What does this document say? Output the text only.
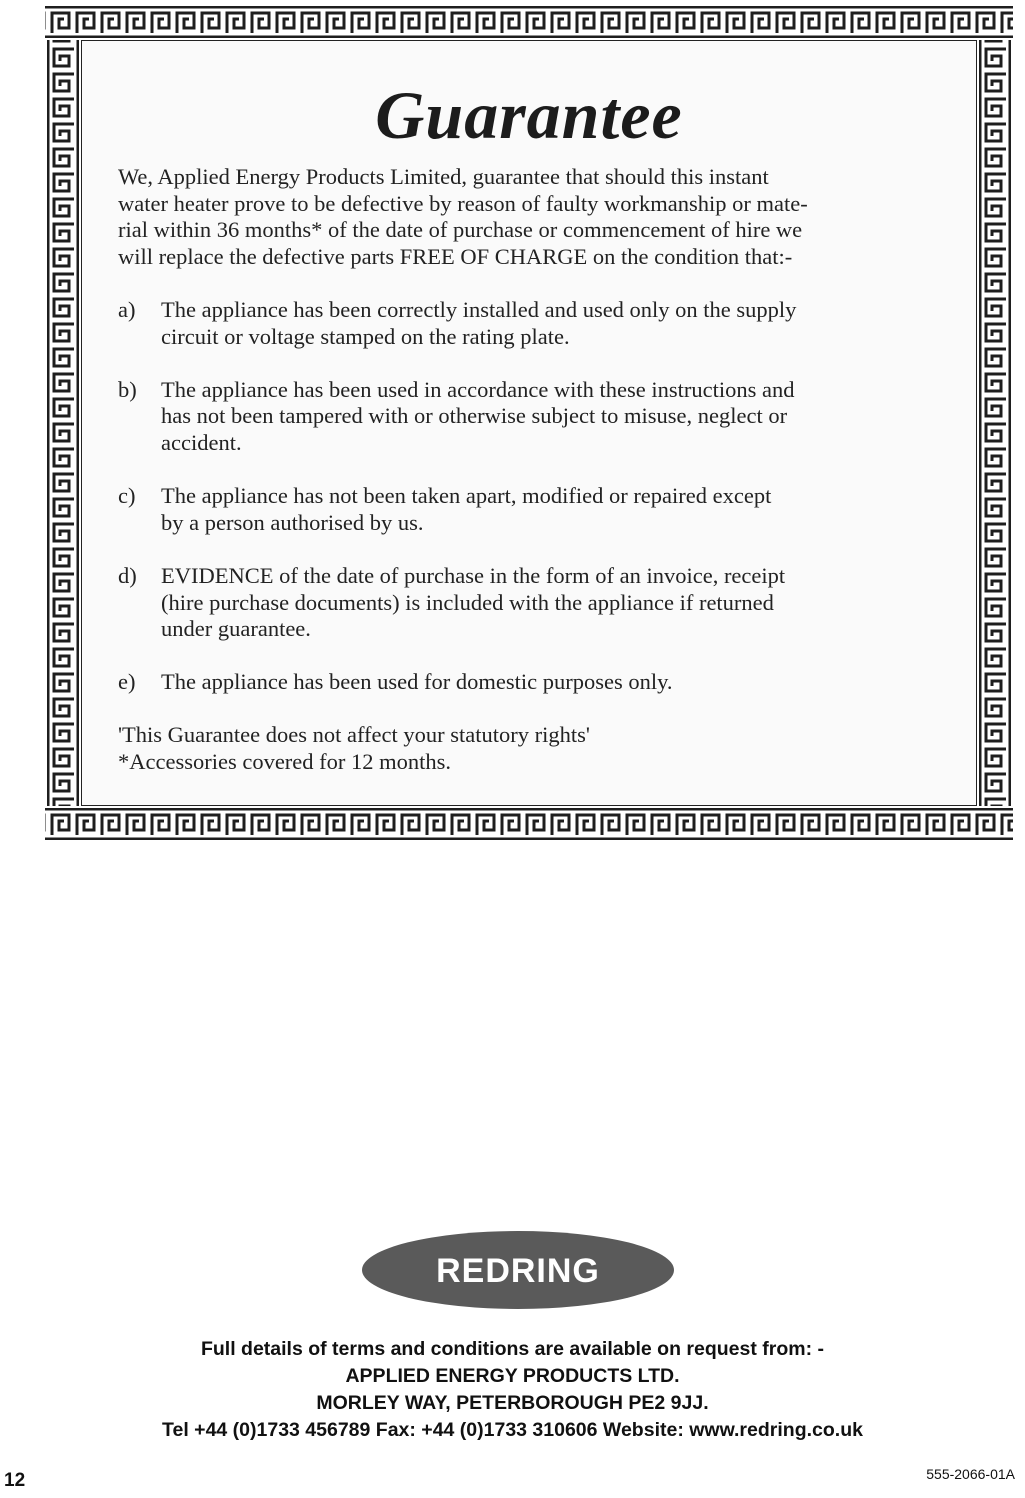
Guarantee

We, Applied Energy Products Limited, guarantee that should this instant
water heater prove to be defective by reason of faulty workmanship or mate-
rial within 36 months* of the date of purchase or commencement of hire we
will replace the defective parts FREE OF CHARGE on the condition that:-

a)	The appliance has been correctly installed and used only on the supply
circuit or voltage stamped on the rating plate.
b)	The appliance has been used in accordance with these instructions and
has not been tampered with or otherwise subject to misuse, neglect or
accident.
c)	The appliance has not been taken apart, modified or repaired except
by a person authorised by us.
d)	EVIDENCE of the date of purchase in the form of an invoice, receipt
(hire purchase documents) is included with the appliance if returned
under guarantee.
e)	The appliance has been used for domestic purposes only.

'This Guarantee does not affect your statutory rights'

*Accessories covered for 12 months.

REDRING
Full details of terms and conditions are available on request from: -
APPLIED ENERGY PRODUCTS LTD.
MORLEY WAY, PETERBOROUGH PE2 9JJ.
Tel +44 (0)1733 456789 Fax: +44 (0)1733 310606 Website: www.redring.co.uk
12	555-2066-01A
